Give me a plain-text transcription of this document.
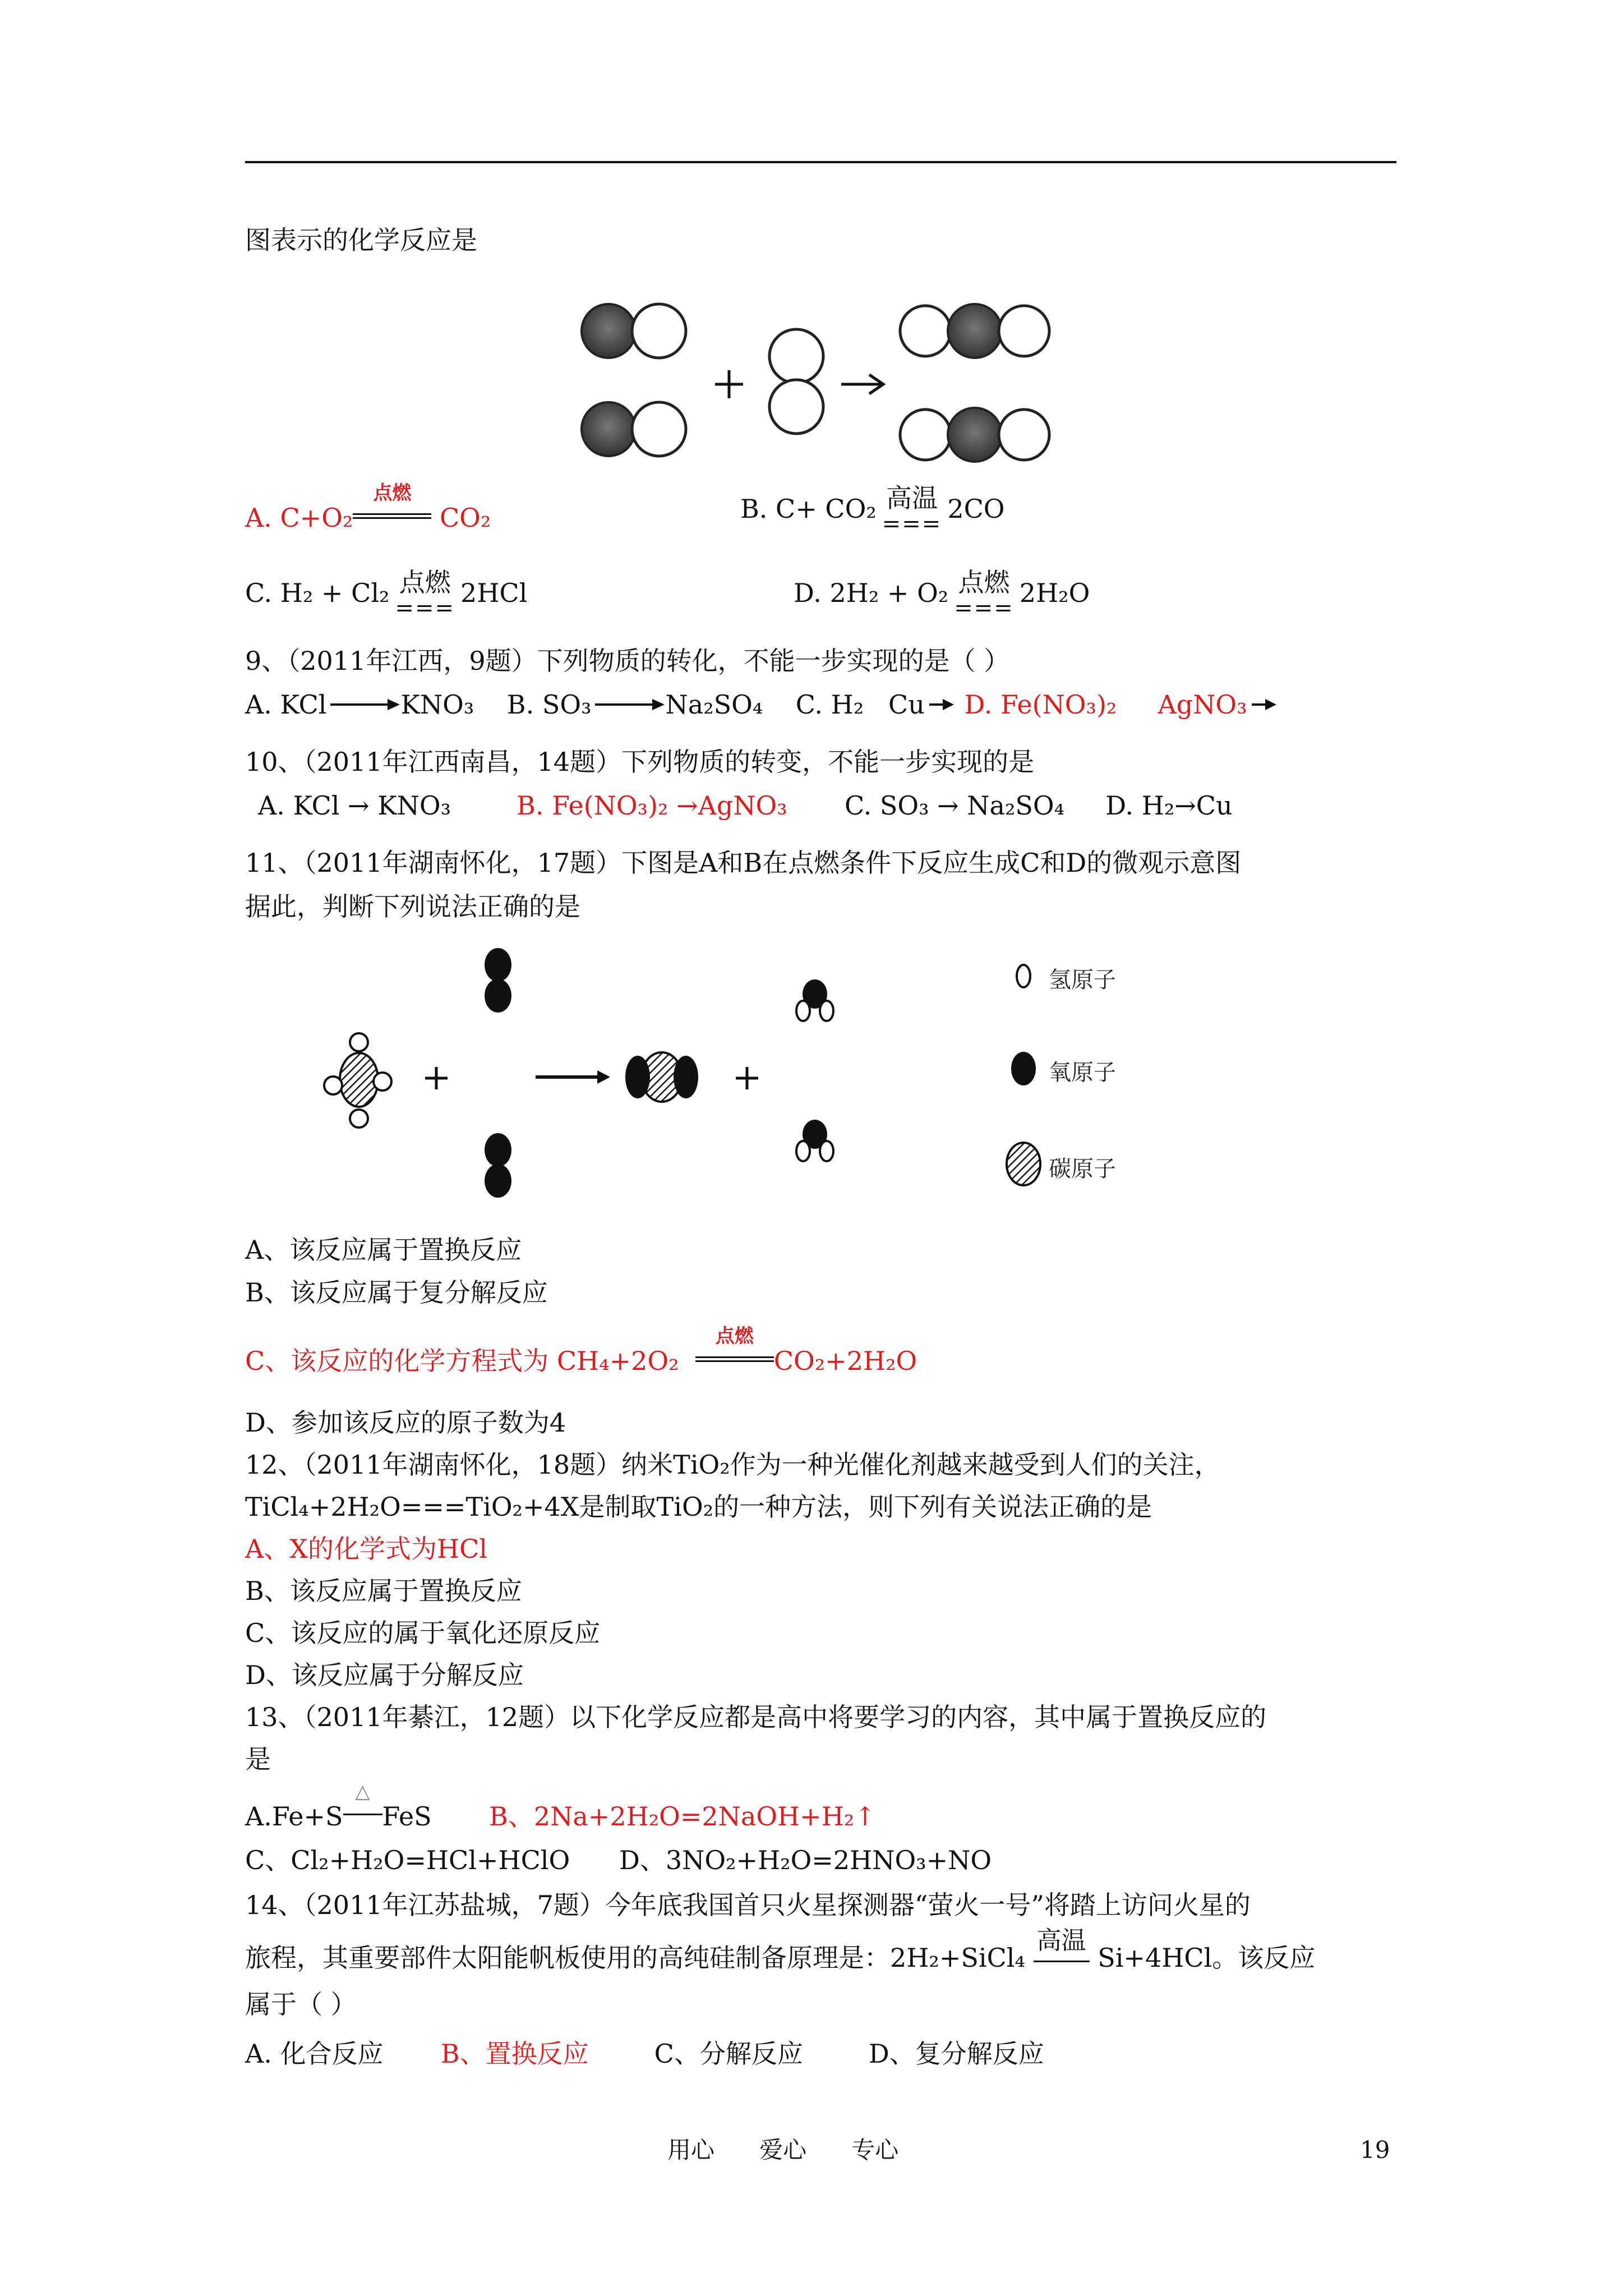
图表示的化学反应是
A. C+O₂
点燃
CO₂	B. C+ CO₂ 高温
=== 2CO
C. H₂ + Cl₂ 点燃
=== 2HCl	D. 2H₂ + O₂ 点燃
=== 2H₂O
9、（2011年江西，9题）下列物质的转化，不能一步实现的是（ ）
A. KCl	KNO₃ B. SO₃	Na₂SO₄ C. H₂ Cu D. Fe(NO₃)₂ AgNO₃
10、（2011年江西南昌，14题）下列物质的转变，不能一步实现的是
A. KCl → KNO₃	B. Fe(NO₃)₂ →AgNO₃ C. SO₃ → Na₂SO₄ D. H₂→Cu
11、（2011年湖南怀化，17题）下图是A和B在点燃条件下反应生成C和D的微观示意图
据此，判断下列说法正确的是
氢原子
氧原子
碳原子
A、该反应属于置换反应
B、该反应属于复分解反应
C、该反应的化学方程式为 CH₄+2O₂
点燃
CO₂+2H₂O
D、参加该反应的原子数为4
12、（2011年湖南怀化，18题）纳米TiO₂作为一种光催化剂越来越受到人们的关注，
TiCl₄+2H₂O===TiO₂+4X是制取TiO₂的一种方法，则下列有关说法正确的是
A、X的化学式为HCl
B、该反应属于置换反应
C、该反应的属于氧化还原反应
D、该反应属于分解反应
13、（2011年綦江，12题）以下化学反应都是高中将要学习的内容，其中属于置换反应的
是
A.Fe+S
△
FeS B、2Na+2H₂O=2NaOH+H₂↑
C、Cl₂+H₂O=HCl+HClO D、3NO₂+H₂O=2HNO₃+NO
14、（2011年江苏盐城，7题）今年底我国首只火星探测器“萤火一号”将踏上访问火星的
旅程，其重要部件太阳能帆板使用的高纯硅制备原理是：2H₂+SiCl₄
高温
Si+4HCl。该反应
属于（ ）
A. 化合反应 B、置换反应	C、分解反应	D、复分解反应
用心 爱心 专心	19
